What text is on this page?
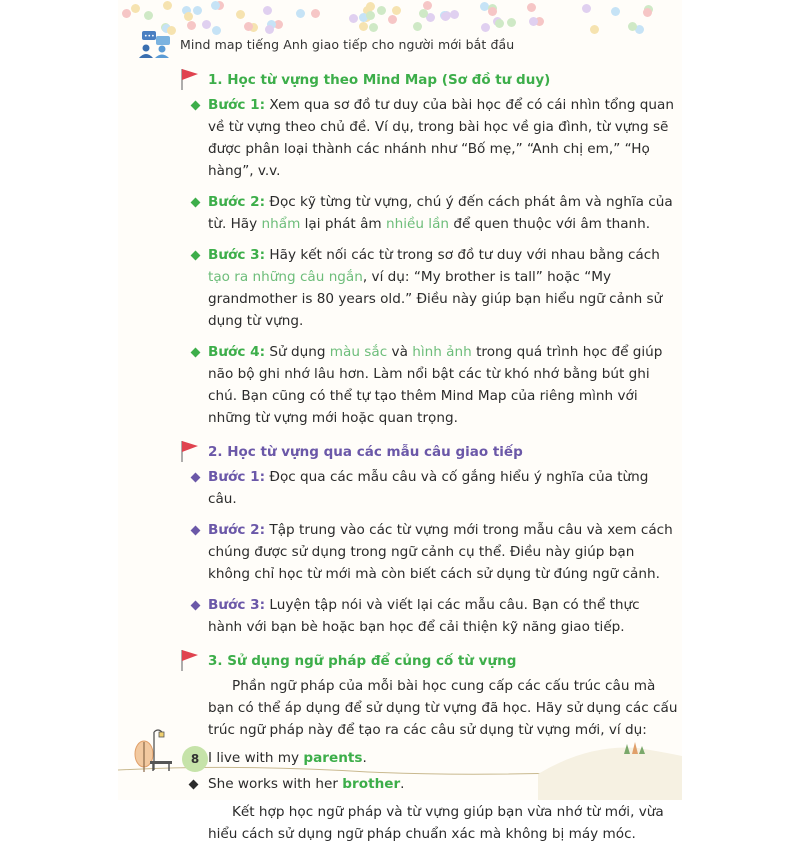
••• Mind map tiếng Anh giao tiếp cho người mới bắt đầu
1. Học từ vựng theo Mind Map (Sơ đồ tư duy)
Bước 1: Xem qua sơ đồ tư duy của bài học để có cái nhìn tổng quan về từ vựng theo chủ đề. Ví dụ, trong bài học về gia đình, từ vựng sẽ được phân loại thành các nhánh như “Bố mẹ,” “Anh chị em,” “Họ hàng”, v.v.
Bước 2: Đọc kỹ từng từ vựng, chú ý đến cách phát âm và nghĩa của từ. Hãy nhẩm lại phát âm nhiều lần để quen thuộc với âm thanh.
Bước 3: Hãy kết nối các từ trong sơ đồ tư duy với nhau bằng cách tạo ra những câu ngắn, ví dụ: “My brother is tall” hoặc “My grandmother is 80 years old.” Điều này giúp bạn hiểu ngữ cảnh sử dụng từ vựng.
Bước 4: Sử dụng màu sắc và hình ảnh trong quá trình học để giúp não bộ ghi nhớ lâu hơn. Làm nổi bật các từ khó nhớ bằng bút ghi chú. Bạn cũng có thể tự tạo thêm Mind Map của riêng mình với những từ vựng mới hoặc quan trọng.
2. Học từ vựng qua các mẫu câu giao tiếp
Bước 1: Đọc qua các mẫu câu và cố gắng hiểu ý nghĩa của từng câu.
Bước 2: Tập trung vào các từ vựng mới trong mẫu câu và xem cách chúng được sử dụng trong ngữ cảnh cụ thể. Điều này giúp bạn không chỉ học từ mới mà còn biết cách sử dụng từ đúng ngữ cảnh.
Bước 3: Luyện tập nói và viết lại các mẫu câu. Bạn có thể thực hành với bạn bè hoặc bạn học để cải thiện kỹ năng giao tiếp.
3. Sử dụng ngữ pháp để củng cố từ vựng

Phần ngữ pháp của mỗi bài học cung cấp các cấu trúc câu mà bạn có thể áp dụng để sử dụng từ vựng đã học. Hãy sử dụng các cấu trúc ngữ pháp này để tạo ra các câu sử dụng từ vựng mới, ví dụ:

I live with my parents.
She works with her brother.

Kết hợp học ngữ pháp và từ vựng giúp bạn vừa nhớ từ mới, vừa hiểu cách sử dụng ngữ pháp chuẩn xác mà không bị máy móc.

8
